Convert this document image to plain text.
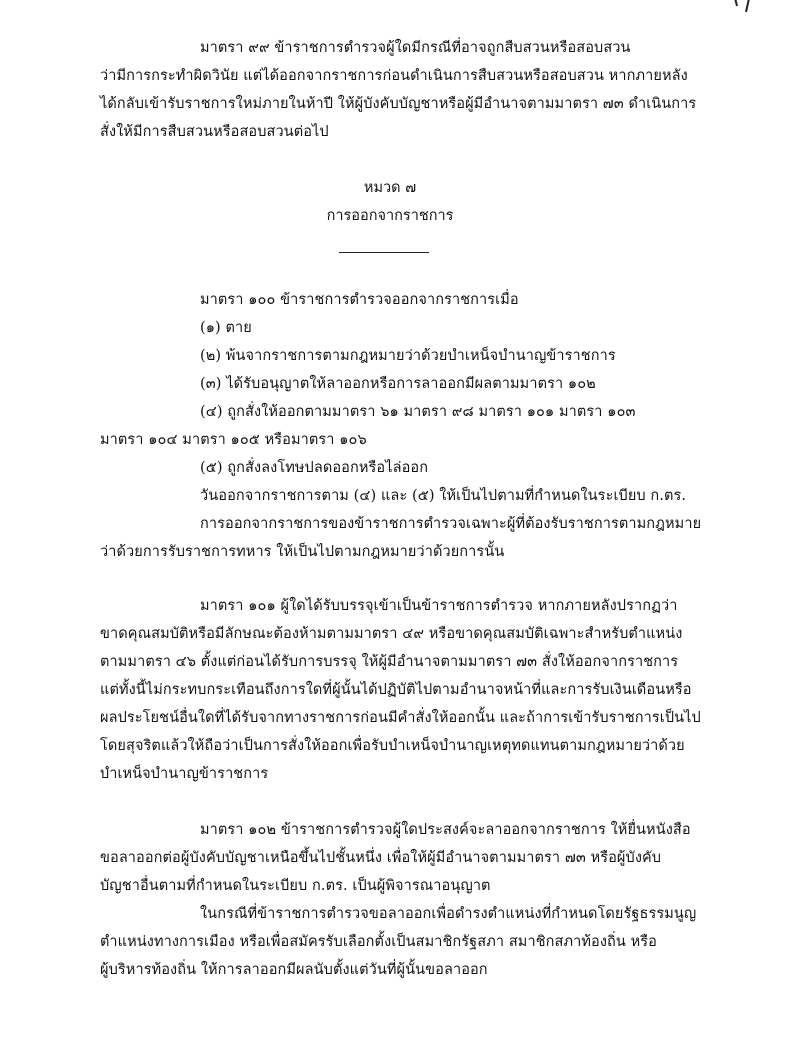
มาตรา ๙๙ ข้าราชการตำรวจผู้ใดมีกรณีที่อาจถูกสืบสวนหรือสอบสวน
ว่ามีการกระทำผิดวินัย แต่ได้ออกจากราชการก่อนดำเนินการสืบสวนหรือสอบสวน หากภายหลัง
ได้กลับเข้ารับราชการใหม่ภายในห้าปี ให้ผู้บังคับบัญชาหรือผู้มีอำนาจตามมาตรา ๗๓ ดำเนินการ
สั่งให้มีการสืบสวนหรือสอบสวนต่อไป
หมวด ๗
การออกจากราชการ
มาตรา ๑๐๐ ข้าราชการตำรวจออกจากราชการเมื่อ
(๑) ตาย
(๒) พ้นจากราชการตามกฎหมายว่าด้วยบำเหน็จบำนาญข้าราชการ
(๓) ได้รับอนุญาตให้ลาออกหรือการลาออกมีผลตามมาตรา ๑๐๒
(๔) ถูกสั่งให้ออกตามมาตรา ๖๑ มาตรา ๙๘ มาตรา ๑๐๑ มาตรา ๑๐๓
มาตรา ๑๐๔ มาตรา ๑๐๕ หรือมาตรา ๑๐๖
(๕) ถูกสั่งลงโทษปลดออกหรือไล่ออก
วันออกจากราชการตาม (๔) และ (๕) ให้เป็นไปตามที่กำหนดในระเบียบ ก.ตร.
การออกจากราชการของข้าราชการตำรวจเฉพาะผู้ที่ต้องรับราชการตามกฎหมาย
ว่าด้วยการรับราชการทหาร ให้เป็นไปตามกฎหมายว่าด้วยการนั้น
มาตรา ๑๐๑ ผู้ใดได้รับบรรจุเข้าเป็นข้าราชการตำรวจ หากภายหลังปรากฏว่า
ขาดคุณสมบัติหรือมีลักษณะต้องห้ามตามมาตรา ๔๙ หรือขาดคุณสมบัติเฉพาะสำหรับตำแหน่ง
ตามมาตรา ๔๖ ตั้งแต่ก่อนได้รับการบรรจุ ให้ผู้มีอำนาจตามมาตรา ๗๓ สั่งให้ออกจากราชการ
แต่ทั้งนี้ไม่กระทบกระเทือนถึงการใดที่ผู้นั้นได้ปฏิบัติไปตามอำนาจหน้าที่และการรับเงินเดือนหรือ
ผลประโยชน์อื่นใดที่ได้รับจากทางราชการก่อนมีคำสั่งให้ออกนั้น และถ้าการเข้ารับราชการเป็นไป
โดยสุจริตแล้วให้ถือว่าเป็นการสั่งให้ออกเพื่อรับบำเหน็จบำนาญเหตุทดแทนตามกฎหมายว่าด้วย
บำเหน็จบำนาญข้าราชการ
มาตรา ๑๐๒ ข้าราชการตำรวจผู้ใดประสงค์จะลาออกจากราชการ ให้ยื่นหนังสือ
ขอลาออกต่อผู้บังคับบัญชาเหนือขึ้นไปชั้นหนึ่ง เพื่อให้ผู้มีอำนาจตามมาตรา ๗๓ หรือผู้บังคับ
บัญชาอื่นตามที่กำหนดในระเบียบ ก.ตร. เป็นผู้พิจารณาอนุญาต
ในกรณีที่ข้าราชการตำรวจขอลาออกเพื่อดำรงตำแหน่งที่กำหนดโดยรัฐธรรมนูญ
ตำแหน่งทางการเมือง หรือเพื่อสมัครรับเลือกตั้งเป็นสมาชิกรัฐสภา สมาชิกสภาท้องถิ่น หรือ
ผู้บริหารท้องถิ่น ให้การลาออกมีผลนับตั้งแต่วันที่ผู้นั้นขอลาออก
